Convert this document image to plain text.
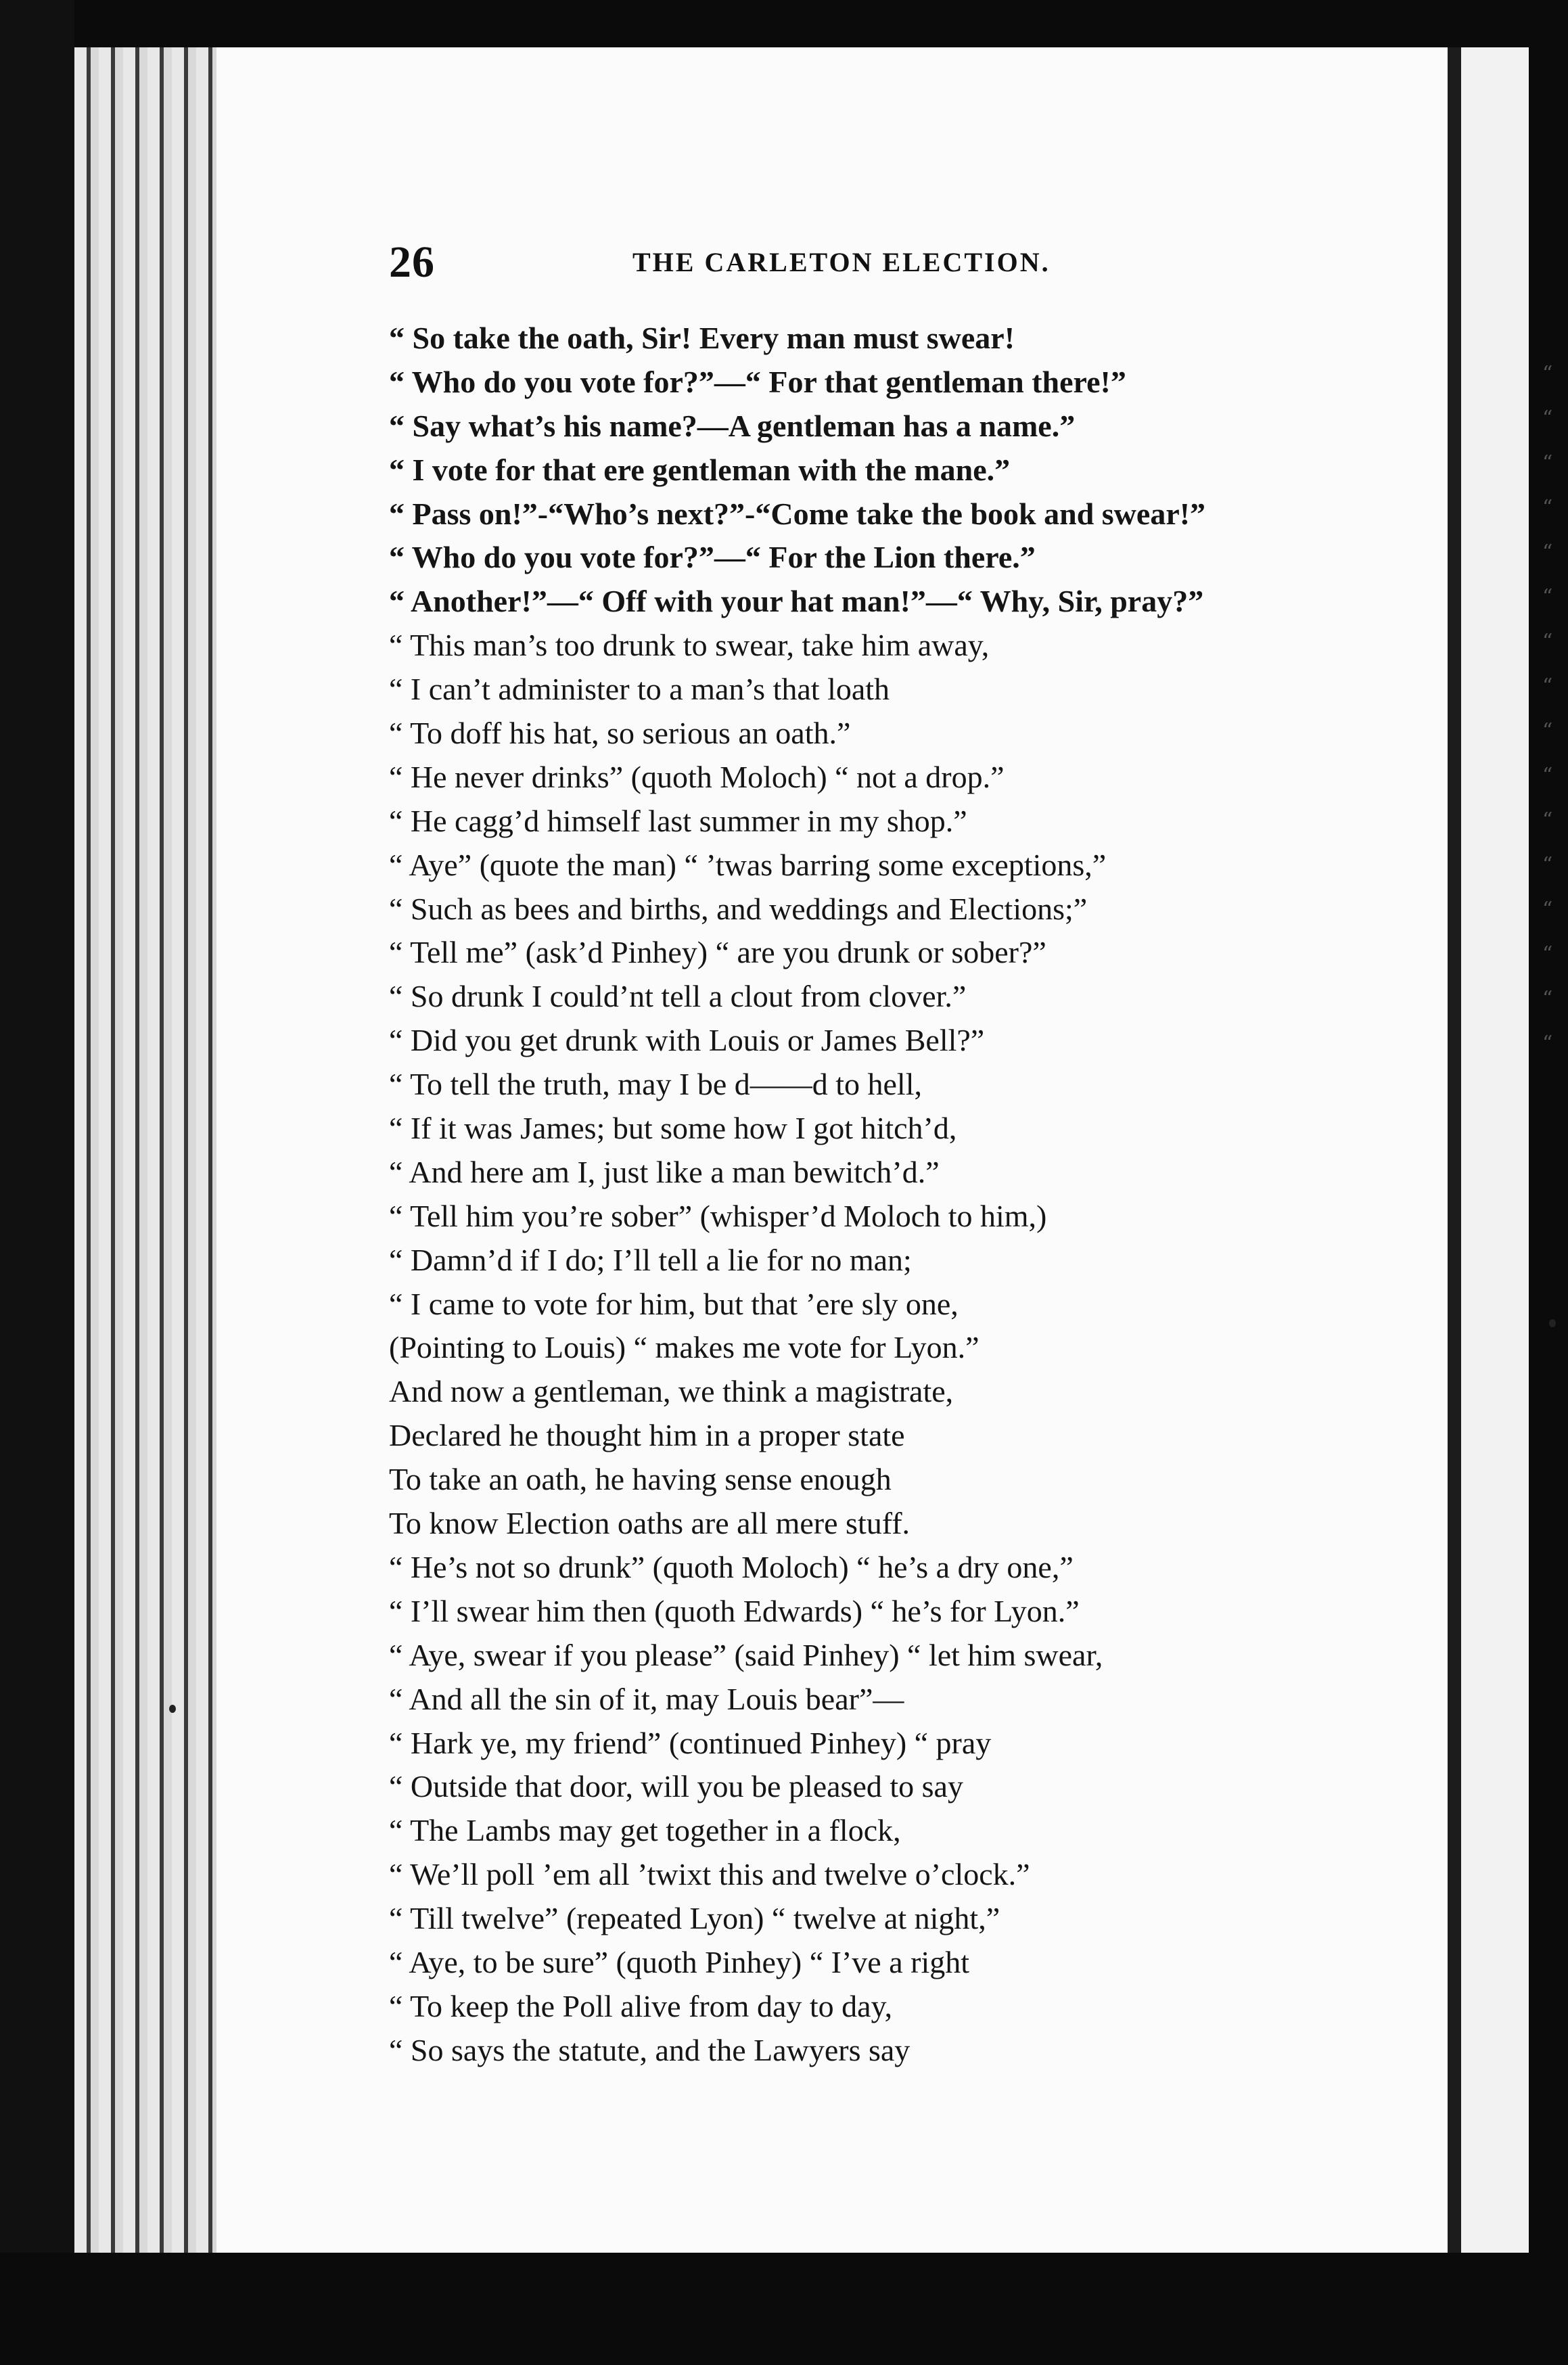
26	THE CARLETON ELECTION.
“ So take the oath, Sir! Every man must swear!
“ Who do you vote for?”—“ For that gentleman there!”
“ Say what’s his name?—A gentleman has a name.”
“ I vote for that ere gentleman with the mane.”
“ Pass on!”-“Who’s next?”-“Come take the book and swear!”
“ Who do you vote for?”—“ For the Lion there.”
“ Another!”—“ Off with your hat man!”—“ Why, Sir, pray?”
“ This man’s too drunk to swear, take him away,
“ I can’t administer to a man’s that loath
“ To doff his hat, so serious an oath.”
“ He never drinks” (quoth Moloch) “ not a drop.”
“ He cagg’d himself last summer in my shop.”
“ Aye” (quote the man) “ ’twas barring some exceptions,”
“ Such as bees and births, and weddings and Elections;”
“ Tell me” (ask’d Pinhey) “ are you drunk or sober?”
“ So drunk I could’nt tell a clout from clover.”
“ Did you get drunk with Louis or James Bell?”
“ To tell the truth, may I be d——d to hell,
“ If it was James; but some how I got hitch’d,
“ And here am I, just like a man bewitch’d.”
“ Tell him you’re sober” (whisper’d Moloch to him,)
“ Damn’d if I do; I’ll tell a lie for no man;
“ I came to vote for him, but that ’ere sly one,
(Pointing to Louis) “ makes me vote for Lyon.”
And now a gentleman, we think a magistrate,
Declared he thought him in a proper state
To take an oath, he having sense enough
To know Election oaths are all mere stuff.
“ He’s not so drunk” (quoth Moloch) “ he’s a dry one,”
“ I’ll swear him then (quoth Edwards) “ he’s for Lyon.”
“ Aye, swear if you please” (said Pinhey) “ let him swear,
“ And all the sin of it, may Louis bear”—
“ Hark ye, my friend” (continued Pinhey) “ pray
“ Outside that door, will you be pleased to say
“ The Lambs may get together in a flock,
“ We’ll poll ’em all ’twixt this and twelve o’clock.”
“ Till twelve” (repeated Lyon) “ twelve at night,”
“ Aye, to be sure” (quoth Pinhey) “ I’ve a right
“ To keep the Poll alive from day to day,
“ So says the statute, and the Lawyers say
“
“
“
“
“
“
“
“
“
“
“
“
“
“
“
“
